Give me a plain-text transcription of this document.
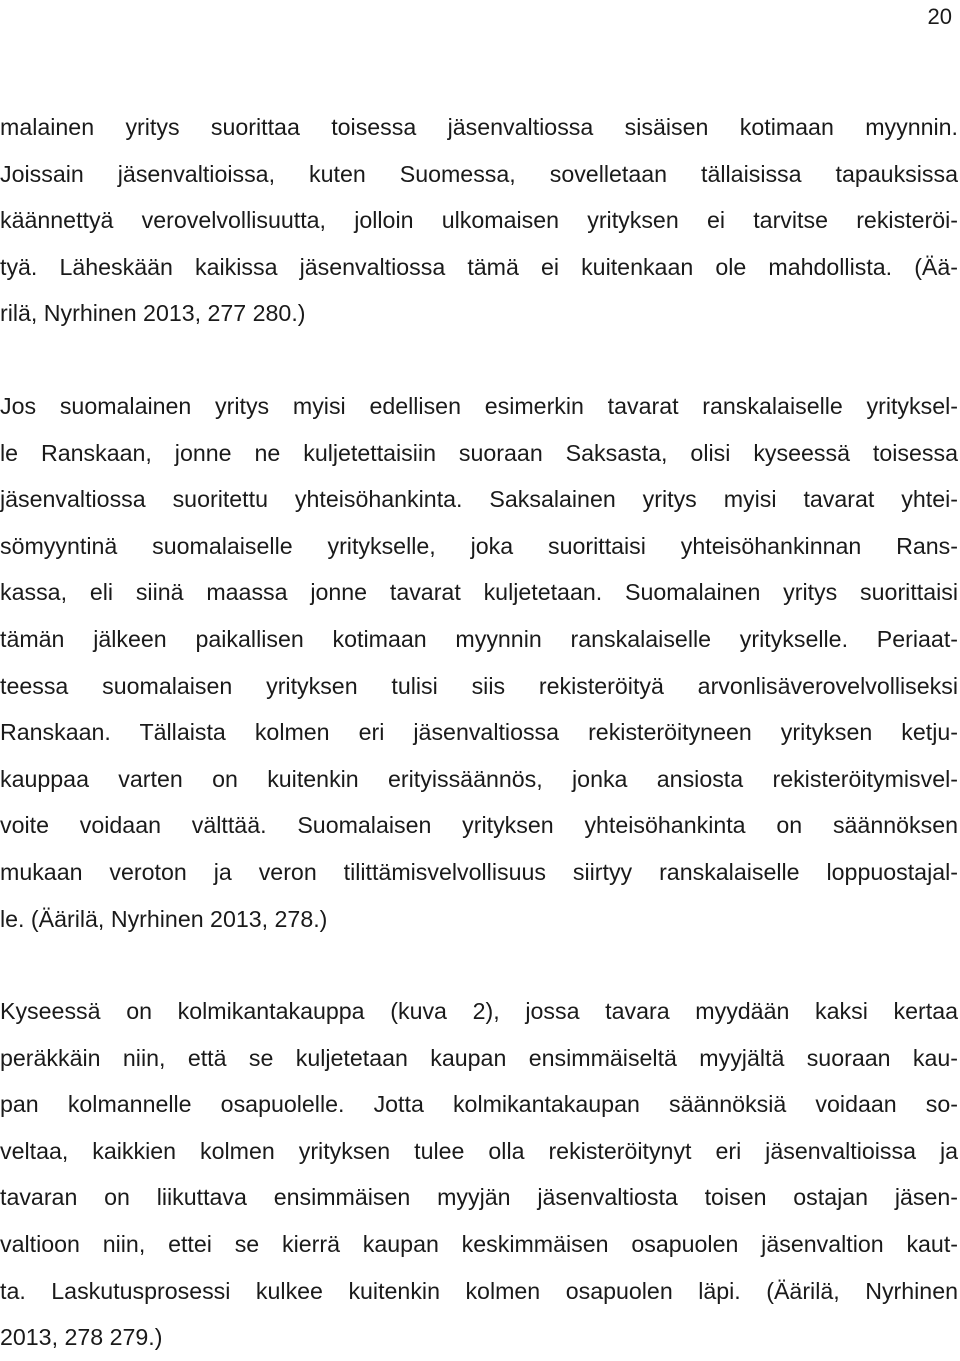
20

malainen yritys suorittaa toisessa jäsenvaltiossa sisäisen kotimaan myynnin.
Joissain jäsenvaltioissa, kuten Suomessa, sovelletaan tällaisissa tapauksissa
käännettyä verovelvollisuutta, jolloin ulkomaisen yrityksen ei tarvitse rekisteröi-
tyä. Läheskään kaikissa jäsenvaltiossa tämä ei kuitenkaan ole mahdollista. (Ää-
rilä, Nyrhinen 2013, 277 280.)

Jos suomalainen yritys myisi edellisen esimerkin tavarat ranskalaiselle yrityksel-
le Ranskaan, jonne ne kuljetettaisiin suoraan Saksasta, olisi kyseessä toisessa
jäsenvaltiossa suoritettu yhteisöhankinta. Saksalainen yritys myisi tavarat yhtei-
sömyyntinä suomalaiselle yritykselle, joka suorittaisi yhteisöhankinnan Rans-
kassa, eli siinä maassa jonne tavarat kuljetetaan. Suomalainen yritys suorittaisi
tämän jälkeen paikallisen kotimaan myynnin ranskalaiselle yritykselle. Periaat-
teessa suomalaisen yrityksen tulisi siis rekisteröityä arvonlisäverovelvolliseksi
Ranskaan. Tällaista kolmen eri jäsenvaltiossa rekisteröityneen yrityksen ketju-
kauppaa varten on kuitenkin erityissäännös, jonka ansiosta rekisteröitymisvel-
voite voidaan välttää. Suomalaisen yrityksen yhteisöhankinta on säännöksen
mukaan veroton ja veron tilittämisvelvollisuus siirtyy ranskalaiselle loppuostajal-
le. (Äärilä, Nyrhinen 2013, 278.)

Kyseessä on kolmikantakauppa (kuva 2), jossa tavara myydään kaksi kertaa
peräkkäin niin, että se kuljetetaan kaupan ensimmäiseltä myyjältä suoraan kau-
pan kolmannelle osapuolelle. Jotta kolmikantakaupan säännöksiä voidaan so-
veltaa, kaikkien kolmen yrityksen tulee olla rekisteröitynyt eri jäsenvaltioissa ja
tavaran on liikuttava ensimmäisen myyjän jäsenvaltiosta toisen ostajan jäsen-
valtioon niin, ettei se kierrä kaupan keskimmäisen osapuolen jäsenvaltion kaut-
ta. Laskutusprosessi kulkee kuitenkin kolmen osapuolen läpi. (Äärilä, Nyrhinen
2013, 278 279.)
